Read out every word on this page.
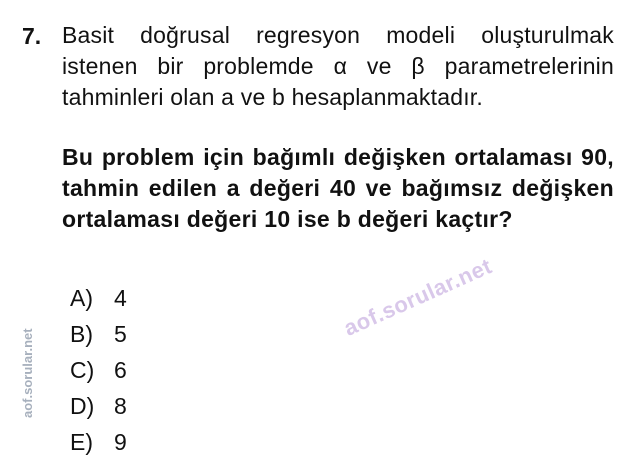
7. Basit doğrusal regresyon modeli oluşturulmak istenen bir problemde α ve β parametrelerinin tahminleri olan a ve b hesaplanmaktadır.
Bu problem için bağımlı değişken ortalaması 90, tahmin edilen a değeri 40 ve bağımsız değişken ortalaması değeri 10 ise b değeri kaçtır?
A) 4
B) 5
C) 6
D) 8
E) 9
aof.sorular.net
aof.sorular.net
